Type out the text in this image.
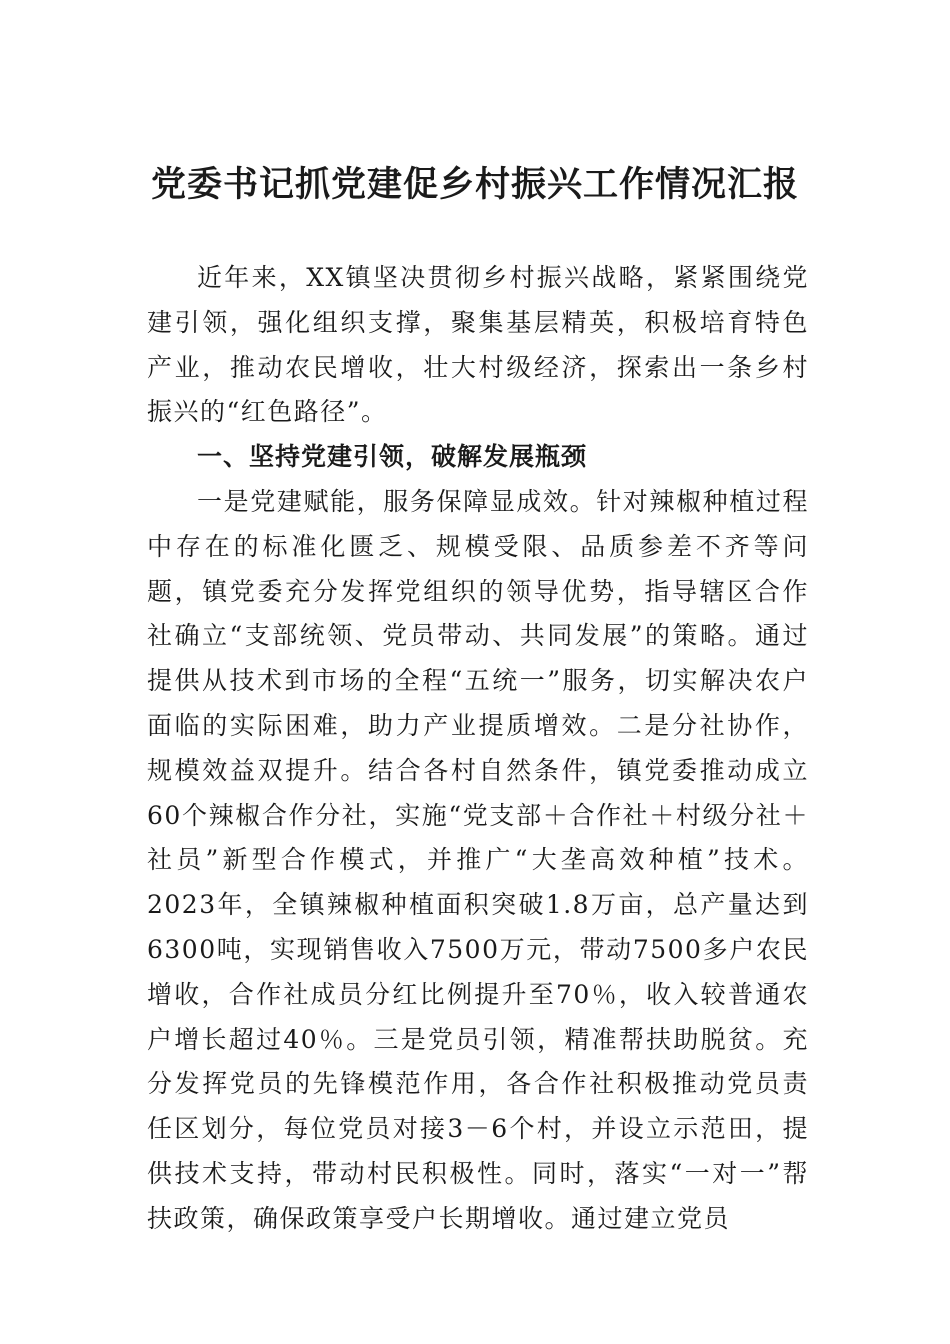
党委书记抓党建促乡村振兴工作情况汇报

近年来，XX镇坚决贯彻乡村振兴战略，紧紧围绕党建引领，强化组织支撑，聚集基层精英，积极培育特色产业，推动农民增收，壮大村级经济，探索出一条乡村振兴的“红色路径”。

一、坚持党建引领，破解发展瓶颈

一是党建赋能，服务保障显成效。针对辣椒种植过程中存在的标准化匮乏、规模受限、品质参差不齐等问题，镇党委充分发挥党组织的领导优势，指导辖区合作社确立“支部统领、党员带动、共同发展”的策略。通过提供从技术到市场的全程“五统一”服务，切实解决农户面临的实际困难，助力产业提质增效。二是分社协作，规模效益双提升。结合各村自然条件，镇党委推动成立60个辣椒合作分社，实施“党支部＋合作社＋村级分社＋社员”新型合作模式，并推广“大垄高效种植”技术。2023年，全镇辣椒种植面积突破1.8万亩，总产量达到6300吨，实现销售收入7500万元，带动7500多户农民增收，合作社成员分红比例提升至70％，收入较普通农户增长超过40％。三是党员引领，精准帮扶助脱贫。充分发挥党员的先锋模范作用，各合作社积极推动党员责任区划分，每位党员对接3－6个村，并设立示范田，提供技术支持，带动村民积极性。同时，落实“一对一”帮扶政策，确保政策享受户长期增收。通过建立党员
